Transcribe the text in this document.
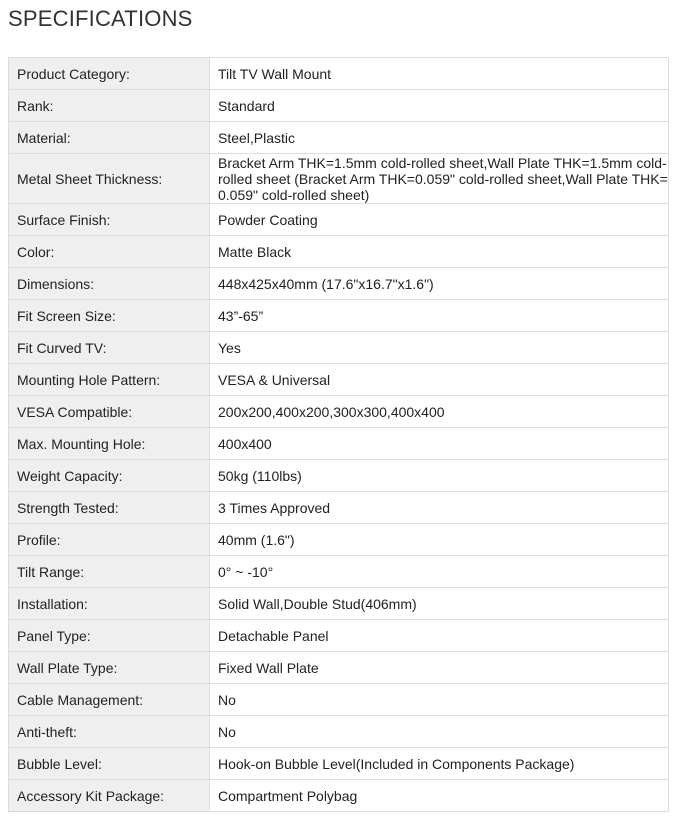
SPECIFICATIONS
Product Category:	Tilt TV Wall Mount
Rank:	Standard
Material:	Steel,Plastic
Metal Sheet Thickness:	Bracket Arm THK=1.5mm cold-rolled sheet,Wall Plate THK=1.5mm cold-rolled sheet (Bracket Arm THK=0.059" cold-rolled sheet,Wall Plate THK=0.059" cold-rolled sheet)
Surface Finish:	Powder Coating
Color:	Matte Black
Dimensions:	448x425x40mm (17.6"x16.7"x1.6")
Fit Screen Size:	43”-65”
Fit Curved TV:	Yes
Mounting Hole Pattern:	VESA & Universal
VESA Compatible:	200x200,400x200,300x300,400x400
Max. Mounting Hole:	400x400
Weight Capacity:	50kg (110lbs)
Strength Tested:	3 Times Approved
Profile:	40mm (1.6")
Tilt Range:	0° ~ -10°
Installation:	Solid Wall,Double Stud(406mm)
Panel Type:	Detachable Panel
Wall Plate Type:	Fixed Wall Plate
Cable Management:	No
Anti-theft:	No
Bubble Level:	Hook-on Bubble Level(Included in Components Package)
Accessory Kit Package:	Compartment Polybag
